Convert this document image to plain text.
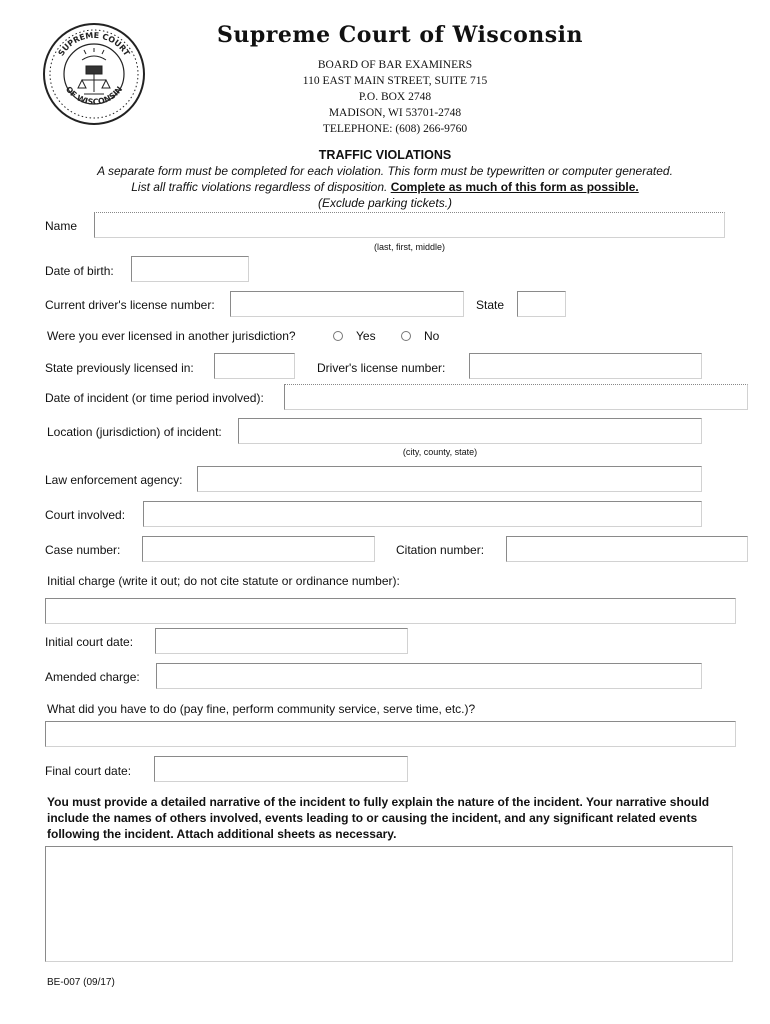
SUPREME COURT
OF WISCONSIN
Supreme Court of Wisconsin
BOARD OF BAR EXAMINERS
110 EAST MAIN STREET, SUITE 715
P.O. BOX 2748
MADISON, WI 53701-2748
TELEPHONE: (608) 266-9760
TRAFFIC VIOLATIONS
A separate form must be completed for each violation. This form must be typewritten or computer generated.
List all traffic violations regardless of disposition. Complete as much of this form as possible.
(Exclude parking tickets.)
Name
(last, first, middle)
Date of birth:
Current driver's license number:	State
Were you ever licensed in another jurisdiction?	Yes	No
State previously licensed in:	Driver's license number:
Date of incident (or time period involved):
Location (jurisdiction) of incident:
(city, county, state)
Law enforcement agency:
Court involved:
Case number:	Citation number:
Initial charge (write it out; do not cite statute or ordinance number):
Initial court date:
Amended charge:
What did you have to do (pay fine, perform community service, serve time, etc.)?
Final court date:
You must provide a detailed narrative of the incident to fully explain the nature of the incident. Your narrative should include the names of others involved, events leading to or causing the incident, and any significant related events following the incident. Attach additional sheets as necessary.
BE-007 (09/17)
